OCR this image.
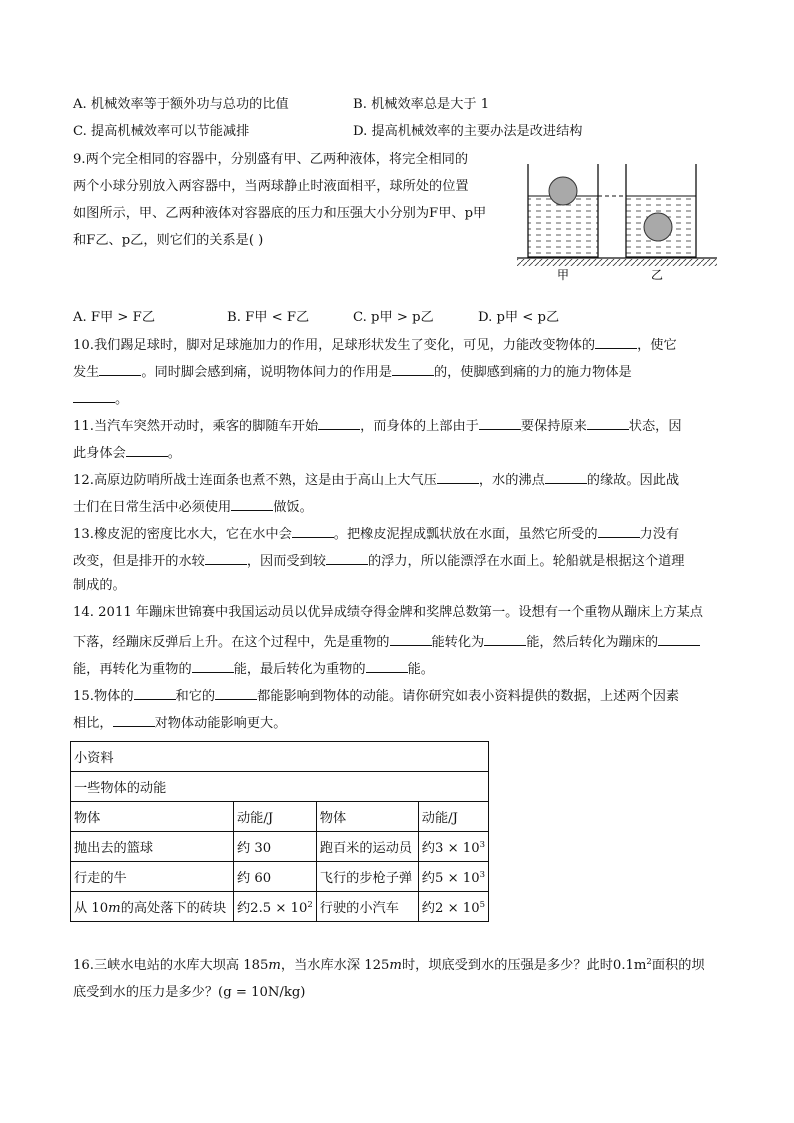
A. 机械效率等于额外功与总功的比值	B. 机械效率总是大于 1
C. 提高机械效率可以节能减排	D. 提高机械效率的主要办法是改进结构
9.两个完全相同的容器中，分别盛有甲、乙两种液体，将完全相同的
两个小球分别放入两容器中，当两球静止时液面相平，球所处的位置
如图所示，甲、乙两种液体对容器底的压力和压强大小分别为F甲、p甲
和F乙、p乙，则它们的关系是( )
甲	乙
A. F甲 > F乙	B. F甲 < F乙	C. p甲 > p乙	D. p甲 < p乙
10.我们踢足球时，脚对足球施加力的作用，足球形状发生了变化，可见，力能改变物体的	，使它
发生	。同时脚会感到痛，说明物体间力的作用是	的，使脚感到痛的力的施力物体是
。
11.当汽车突然开动时，乘客的脚随车开始	，而身体的上部由于	要保持原来	状态，因
此身体会	。
12.高原边防哨所战士连面条也煮不熟，这是由于高山上大气压	，水的沸点	的缘故。因此战
士们在日常生活中必须使用	做饭。
13.橡皮泥的密度比水大，它在水中会	。把橡皮泥捏成瓢状放在水面，虽然它所受的	力没有
改变，但是排开的水较	，因而受到较	的浮力，所以能漂浮在水面上。轮船就是根据这个道理
制成的。
14. 2011 年蹦床世锦赛中我国运动员以优异成绩夺得金牌和奖牌总数第一。设想有一个重物从蹦床上方某点
下落，经蹦床反弹后上升。在这个过程中，先是重物的	能转化为	能，然后转化为蹦床的
能，再转化为重物的	能，最后转化为重物的	能。
15.物体的	和它的	都能影响到物体的动能。请你研究如表小资料提供的数据，上述两个因素
相比，	对物体动能影响更大。
小资料			
一些物体的动能			
物体	动能/J	物体	动能/J
抛出去的篮球	约 30	跑百米的运动员	约$3 \times 10^3$
行走的牛	约 60	飞行的步枪子弹	约$5 \times 10^3$
从 10m的高处落下的砖块	约$2.5 \times 10^2$	行驶的小汽车	约$2 \times 10^5$
16.三峡水电站的水库大坝高 185m，当水库水深 125m时，坝底受到水的压强是多少？此时$0.1m^2$面积的坝
底受到水的压力是多少？(g = 10N/kg)
